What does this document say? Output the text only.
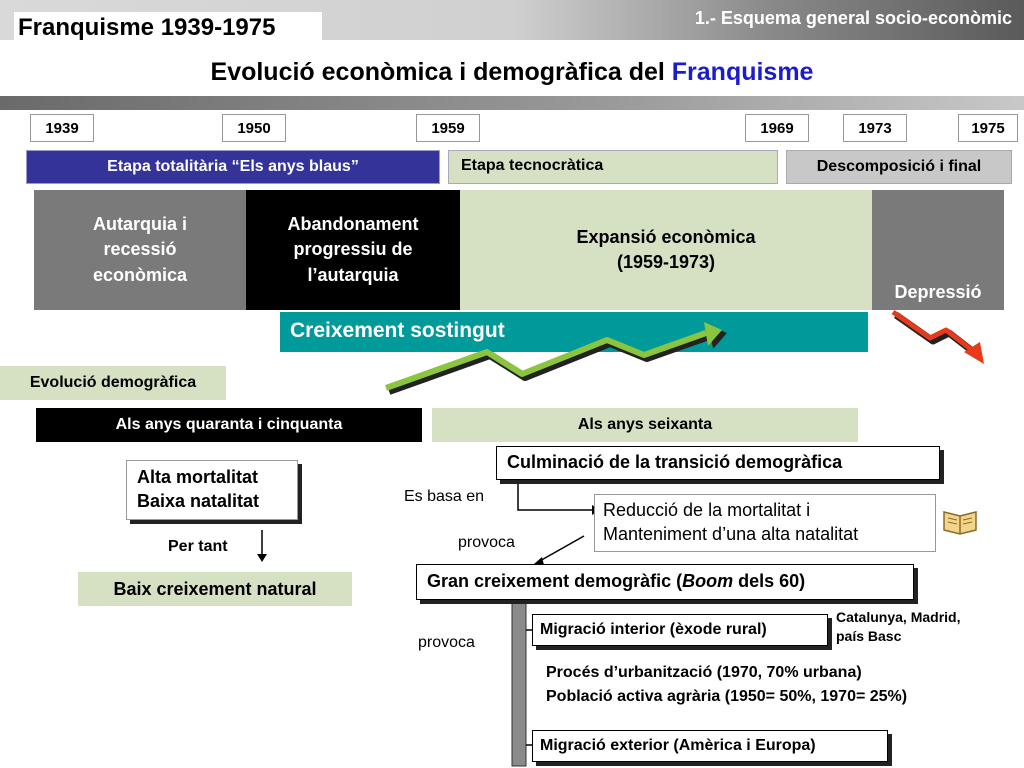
Franquisme 1939-1975	1.- Esquema general socio-econòmic
Evolució econòmica i demogràfica del Franquisme
1939	1950	1959	1969	1973	1975
Etapa totalitària “Els anys blaus”	Etapa tecnocràtica	Descomposició i final
Autarquia i recessió econòmica
Abandonament progressiu de l’autarquia
Expansió econòmica (1959-1973)
Depressió
Creixement sostingut
Evolució demogràfica
Als anys quaranta i cinquanta	Als anys seixanta
Alta mortalitat
Baixa natalitat
Per tant
Baix creixement natural
Culminació de la transició demogràfica
Es basa en
Reducció de la mortalitat i
Manteniment d’una alta natalitat
provoca
Gran creixement demogràfic (Boom dels 60)
provoca
Migració interior (èxode rural)
Catalunya, Madrid,
país Basc
Procés d’urbanització (1970, 70% urbana)
Població activa agrària (1950= 50%, 1970= 25%)
Migració exterior (Amèrica i Europa)
